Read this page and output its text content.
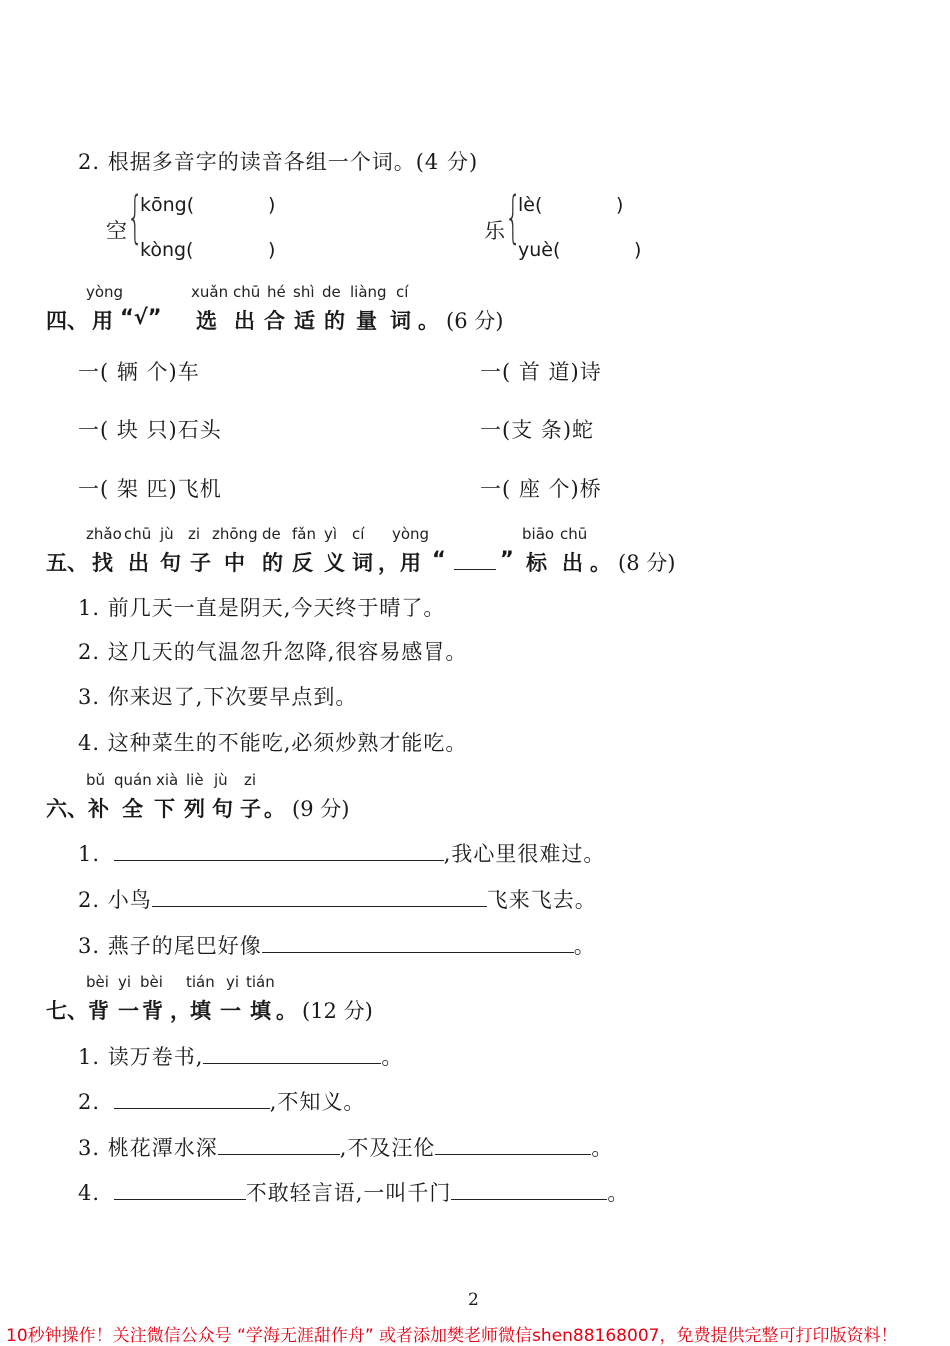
2. 根据多音字的读音各组一个词。(4 分)
空 {
kōng(	)
kòng(	)
乐 {
lè(	)
yuè(	)
yòng	xuǎn chū hé shì de liàng cí
四、 用 “√” 选 出 合 适 的 量 词 。 (6 分)
一( 辆 个)车	一( 首 道)诗
一( 块 只)石头	一(支 条)蛇
一( 架 匹)飞机	一( 座 个)桥
zhǎo chū jù zi zhōng de fǎn yì cí yòng	biāo chū
五、 找 出 句 子 中 的 反 义 词 ， 用 “	” 标 出 。 (8 分)
1. 前几天一直是阴天,今天终于晴了。
2. 这几天的气温忽升忽降,很容易感冒。
3. 你来迟了,下次要早点到。
4. 这种菜生的不能吃,必须炒熟才能吃。
bǔ quán xià liè jù zi
六、 补 全 下 列 句 子 。 (9 分)
1.	,我心里很难过。
2. 小鸟	飞来飞去。
3. 燕子的尾巴好像	。
bèi yi bèi tián yi tián
七、 背 一 背 ， 填 一 填 。 (12 分)
1. 读万卷书,	。
2.	,不知义。
3. 桃花潭水深	,不及汪伦	。
4.	不敢轻言语,一叫千门	。
2
10秒钟操作！关注微信公众号 “学海无涯甜作舟” 或者添加樊老师微信shen88168007，免费提供完整可打印版资料！
